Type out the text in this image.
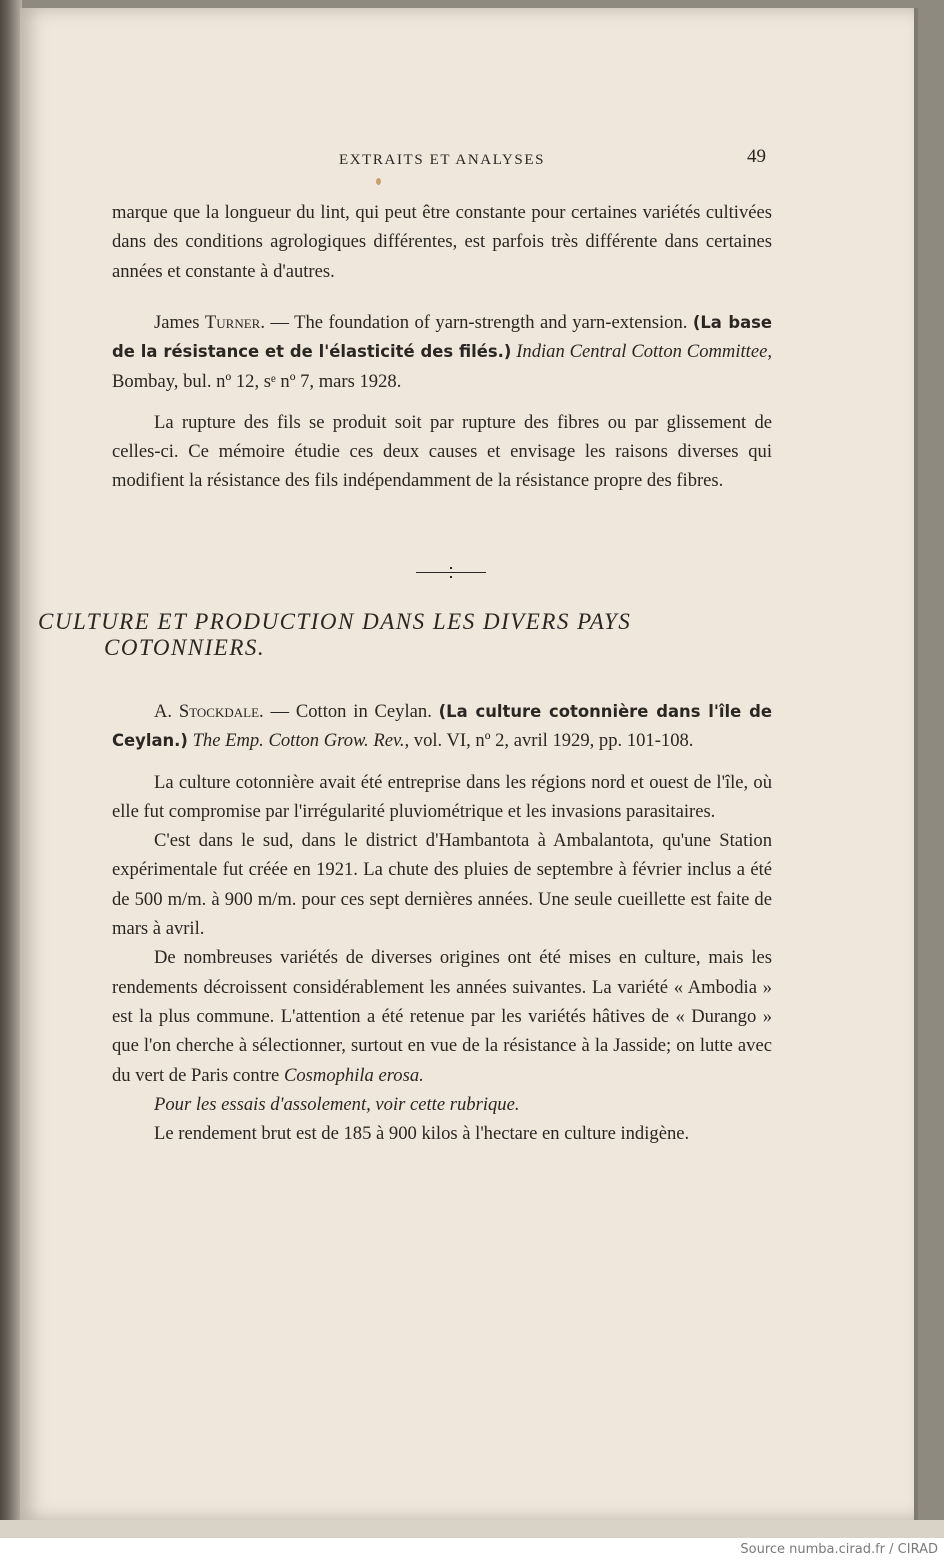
EXTRAITS ET ANALYSES	49

marque que la longueur du lint, qui peut être constante pour certaines variétés cultivées dans des conditions agrologiques différentes, est parfois très différente dans certaines années et constante à d'autres.

James Turner. — The foundation of yarn-strength and yarn-extension. (La base de la résistance et de l'élasticité des filés.) Indian Central Cotton Committee, Bombay, bul. nº 12, sᵉ nº 7, mars 1928.

La rupture des fils se produit soit par rupture des fibres ou par glissement de celles-ci. Ce mémoire étudie ces deux causes et envisage les raisons diverses qui modifient la résistance des fils indépendamment de la résistance propre des fibres.

CULTURE ET PRODUCTION DANS LES DIVERS PAYS
COTONNIERS.

A. Stockdale. — Cotton in Ceylan. (La culture cotonnière dans l'île de Ceylan.) The Emp. Cotton Grow. Rev., vol. VI, nº 2, avril 1929, pp. 101-108.

La culture cotonnière avait été entreprise dans les régions nord et ouest de l'île, où elle fut compromise par l'irrégularité pluviométrique et les invasions parasitaires.

C'est dans le sud, dans le district d'Hambantota à Ambalantota, qu'une Station expérimentale fut créée en 1921. La chute des pluies de septembre à février inclus a été de 500 m/m. à 900 m/m. pour ces sept dernières années. Une seule cueillette est faite de mars à avril.

De nombreuses variétés de diverses origines ont été mises en culture, mais les rendements décroissent considérablement les années suivantes. La variété « Ambodia » est la plus commune. L'attention a été retenue par les variétés hâtives de « Durango » que l'on cherche à sélectionner, surtout en vue de la résistance à la Jasside; on lutte avec du vert de Paris contre Cosmophila erosa.

Pour les essais d'assolement, voir cette rubrique.

Le rendement brut est de 185 à 900 kilos à l'hectare en culture indigène.

Source numba.cirad.fr / CIRAD
